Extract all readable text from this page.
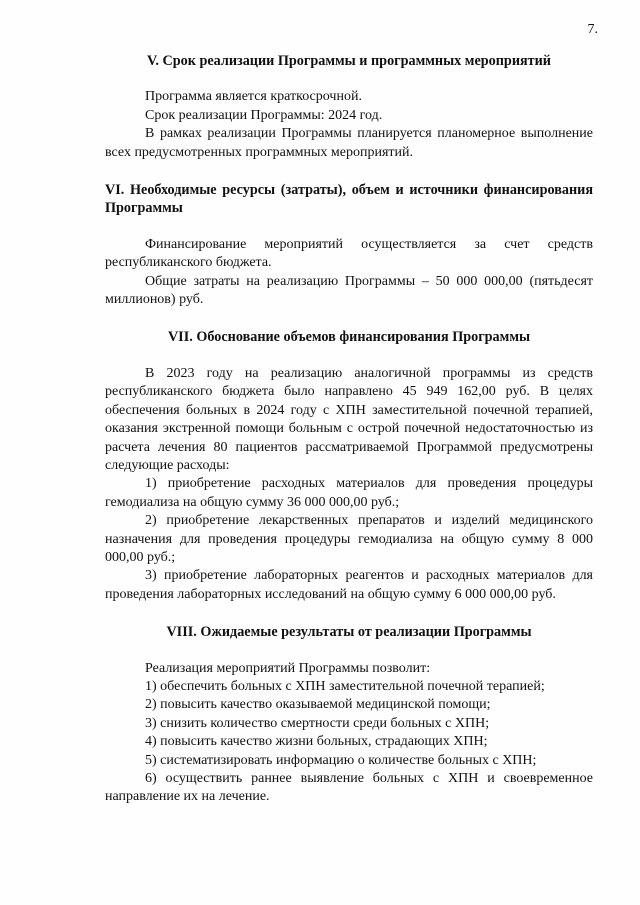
7.
V. Срок реализации Программы и программных мероприятий

Программа является краткосрочной.

Срок реализации Программы: 2024 год.

В рамках реализации Программы планируется планомерное выполнение всех предусмотренных программных мероприятий.

VI. Необходимые ресурсы (затраты), объем и источники финансирования Программы

Финансирование мероприятий осуществляется за счет средств республиканского бюджета.

Общие затраты на реализацию Программы – 50 000 000,00 (пятьдесят миллионов) руб.

VII. Обоснование объемов финансирования Программы

В 2023 году на реализацию аналогичной программы из средств республиканского бюджета было направлено 45 949 162,00 руб. В целях обеспечения больных в 2024 году с ХПН заместительной почечной терапией, оказания экстренной помощи больным с острой почечной недостаточностью из расчета лечения 80 пациентов рассматриваемой Программой предусмотрены следующие расходы:

1) приобретение расходных материалов для проведения процедуры гемодиализа на общую сумму 36 000 000,00 руб.;

2) приобретение лекарственных препаратов и изделий медицинского назначения для проведения процедуры гемодиализа на общую сумму 8 000 000,00 руб.;

3) приобретение лабораторных реагентов и расходных материалов для проведения лабораторных исследований на общую сумму 6 000 000,00 руб.

VIII. Ожидаемые результаты от реализации Программы

Реализация мероприятий Программы позволит:

1) обеспечить больных с ХПН заместительной почечной терапией;

2) повысить качество оказываемой медицинской помощи;

3) снизить количество смертности среди больных с ХПН;

4) повысить качество жизни больных, страдающих ХПН;

5) систематизировать информацию о количестве больных с ХПН;

6) осуществить раннее выявление больных с ХПН и своевременное направление их на лечение.
